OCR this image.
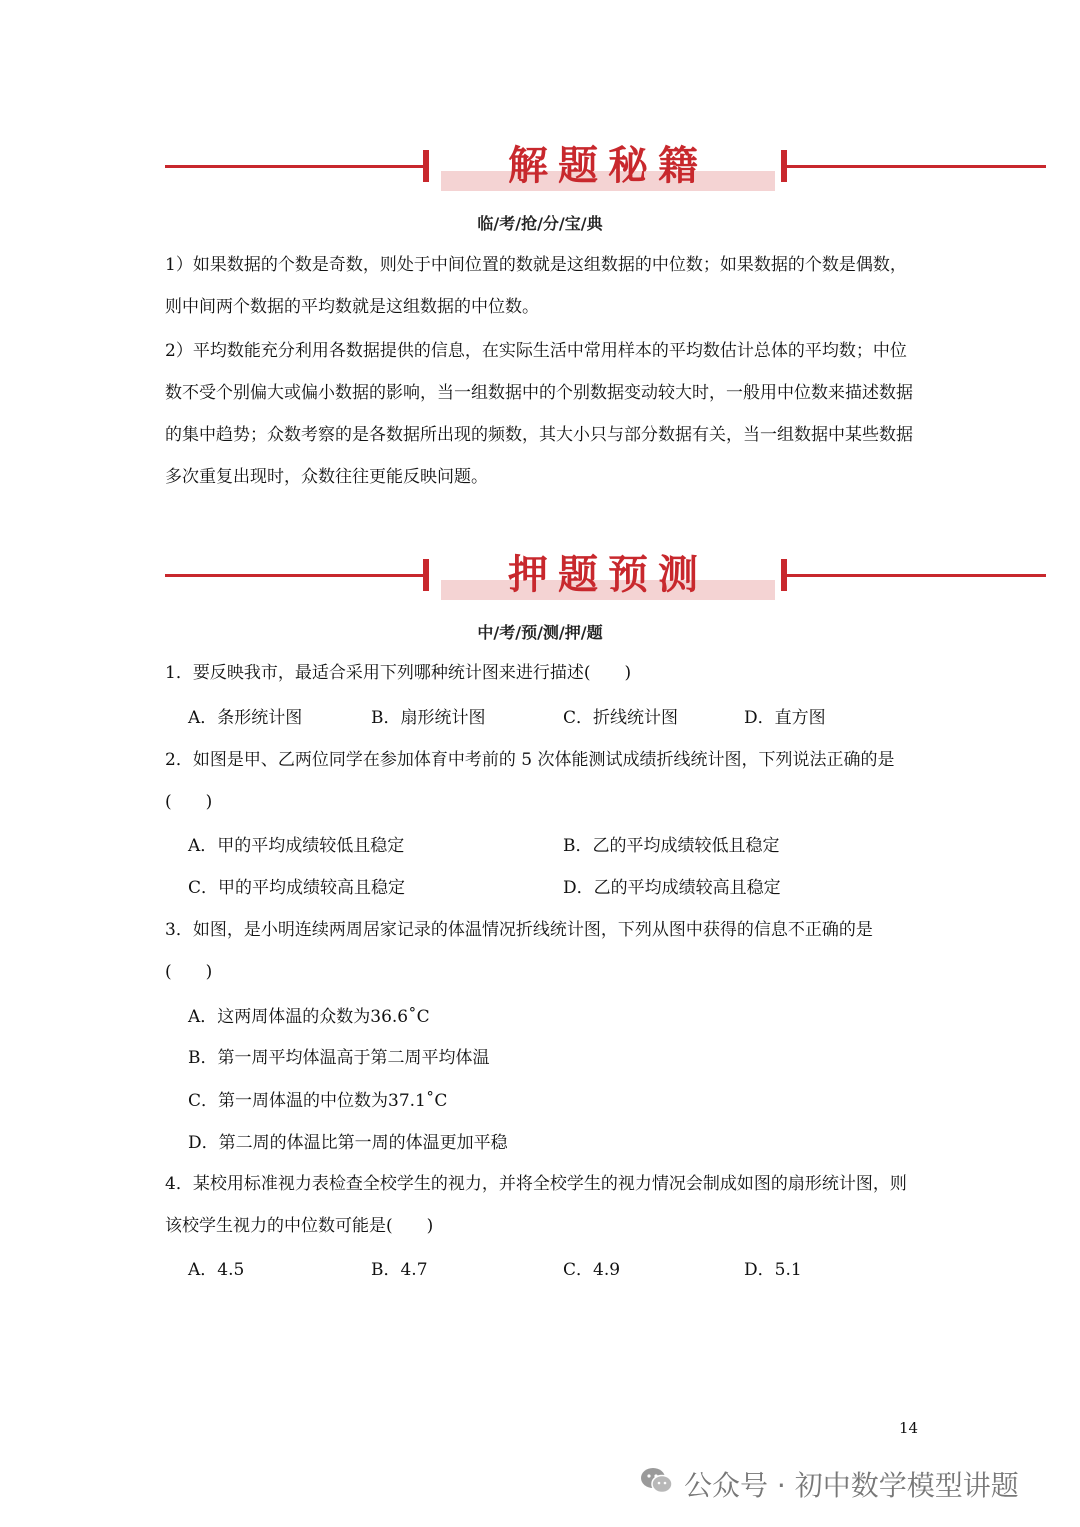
解题秘籍
临/考/抢/分/宝/典
1）如果数据的个数是奇数，则处于中间位置的数就是这组数据的中位数；如果数据的个数是偶数，则中间两个数据的平均数就是这组数据的中位数。
2）平均数能充分利用各数据提供的信息，在实际生活中常用样本的平均数估计总体的平均数；中位数不受个别偏大或偏小数据的影响，当一组数据中的个别数据变动较大时，一般用中位数来描述数据的集中趋势；众数考察的是各数据所出现的频数，其大小只与部分数据有关，当一组数据中某些数据多次重复出现时，众数往往更能反映问题。
押题预测
中/考/预/测/押/题
1．要反映我市，最适合采用下列哪种统计图来进行描述(　　)
A．条形统计图	B．扇形统计图	C．折线统计图	D．直方图
2．如图是甲、乙两位同学在参加体育中考前的 5 次体能测试成绩折线统计图，下列说法正确的是(　　)
A．甲的平均成绩较低且稳定	B．乙的平均成绩较低且稳定
C．甲的平均成绩较高且稳定	D．乙的平均成绩较高且稳定
3．如图，是小明连续两周居家记录的体温情况折线统计图，下列从图中获得的信息不正确的是(　　)
A．这两周体温的众数为36.6˚C
B．第一周平均体温高于第二周平均体温
C．第一周体温的中位数为37.1˚C
D．第二周的体温比第一周的体温更加平稳
4．某校用标准视力表检查全校学生的视力，并将全校学生的视力情况会制成如图的扇形统计图，则该校学生视力的中位数可能是(　　)
A．4.5	B．4.7	C．4.9	D．5.1
14
公众号 · 初中数学模型讲题
